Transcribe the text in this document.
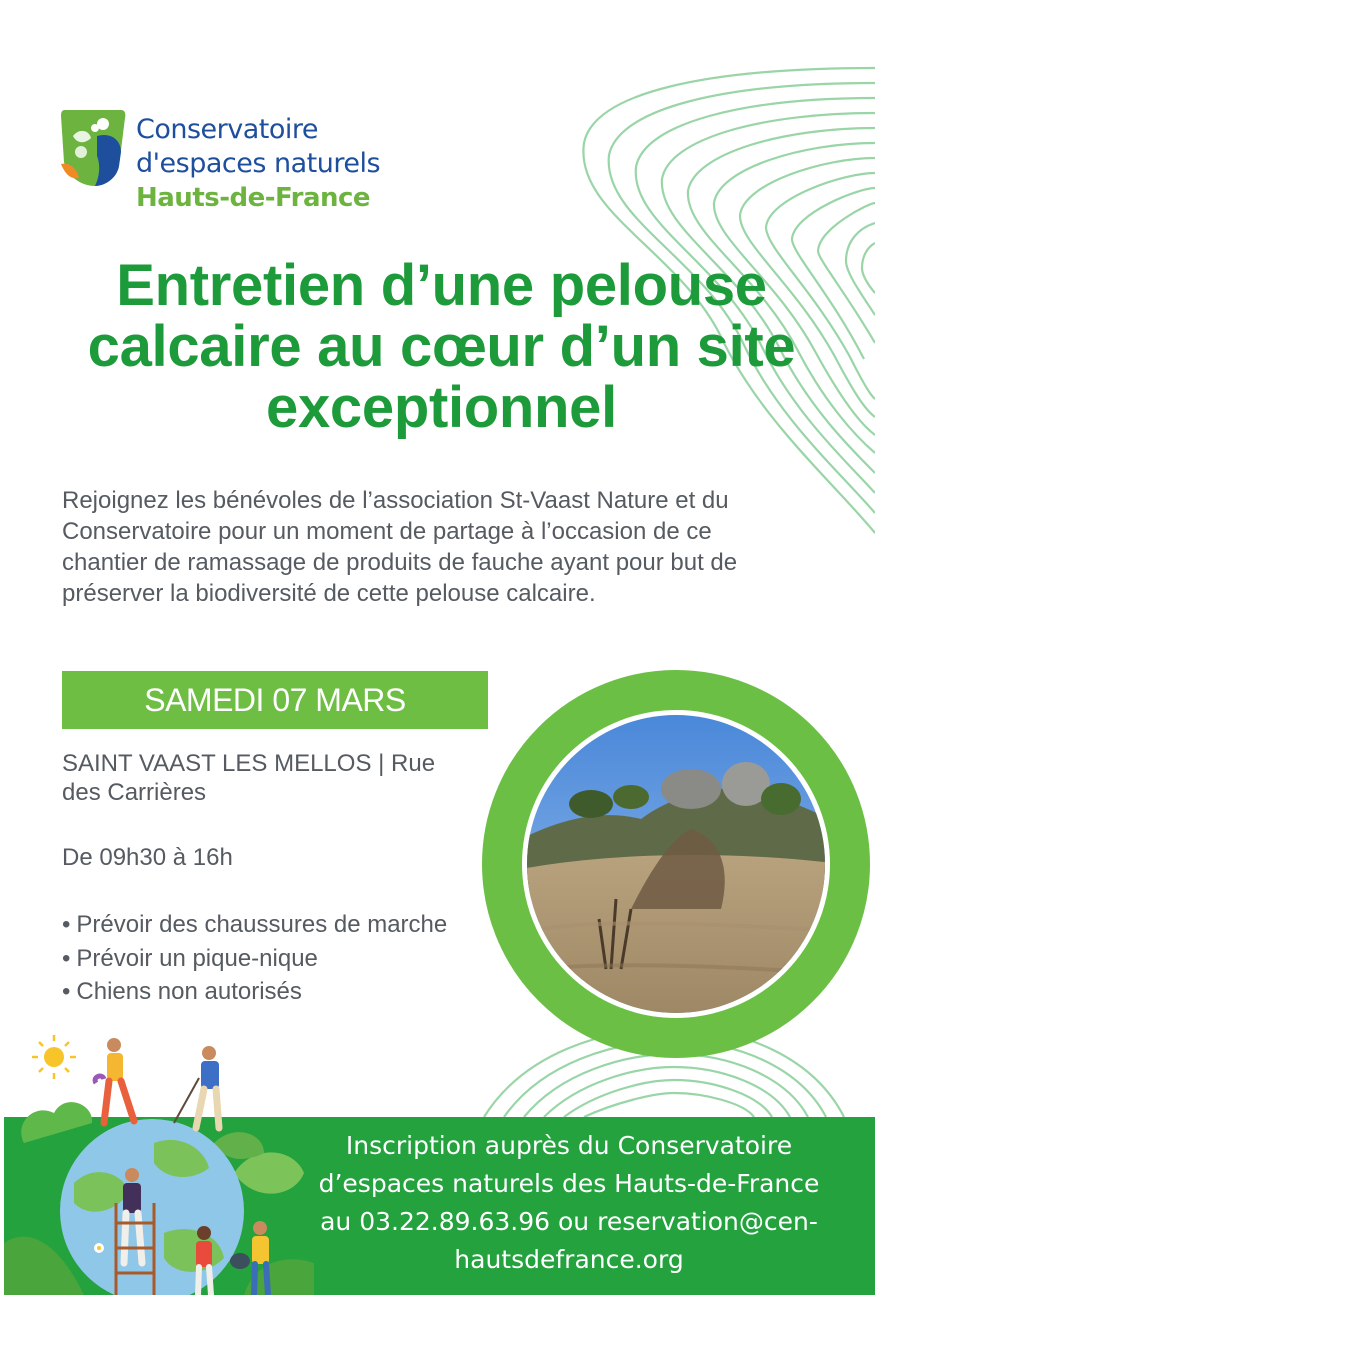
Conservatoire
d'espaces naturels
Hauts-de-France
Entretien d’une pelouse calcaire au cœur d’un site exceptionnel

Rejoignez les bénévoles de l’association St-Vaast Nature et du Conservatoire pour un moment de partage à l’occasion de ce chantier de ramassage de produits de fauche ayant pour but de préserver la biodiversité de cette pelouse calcaire.

SAMEDI 07 MARS
SAINT VAAST LES MELLOS | Rue des Carrières
De 09h30 à 16h
• Prévoir des chaussures de marche
• Prévoir un pique-nique
• Chiens non autorisés

Inscription auprès du Conservatoire d’espaces naturels des Hauts-de-France au 03.22.89.63.96 ou reservation@cen-hautsdefrance.org
